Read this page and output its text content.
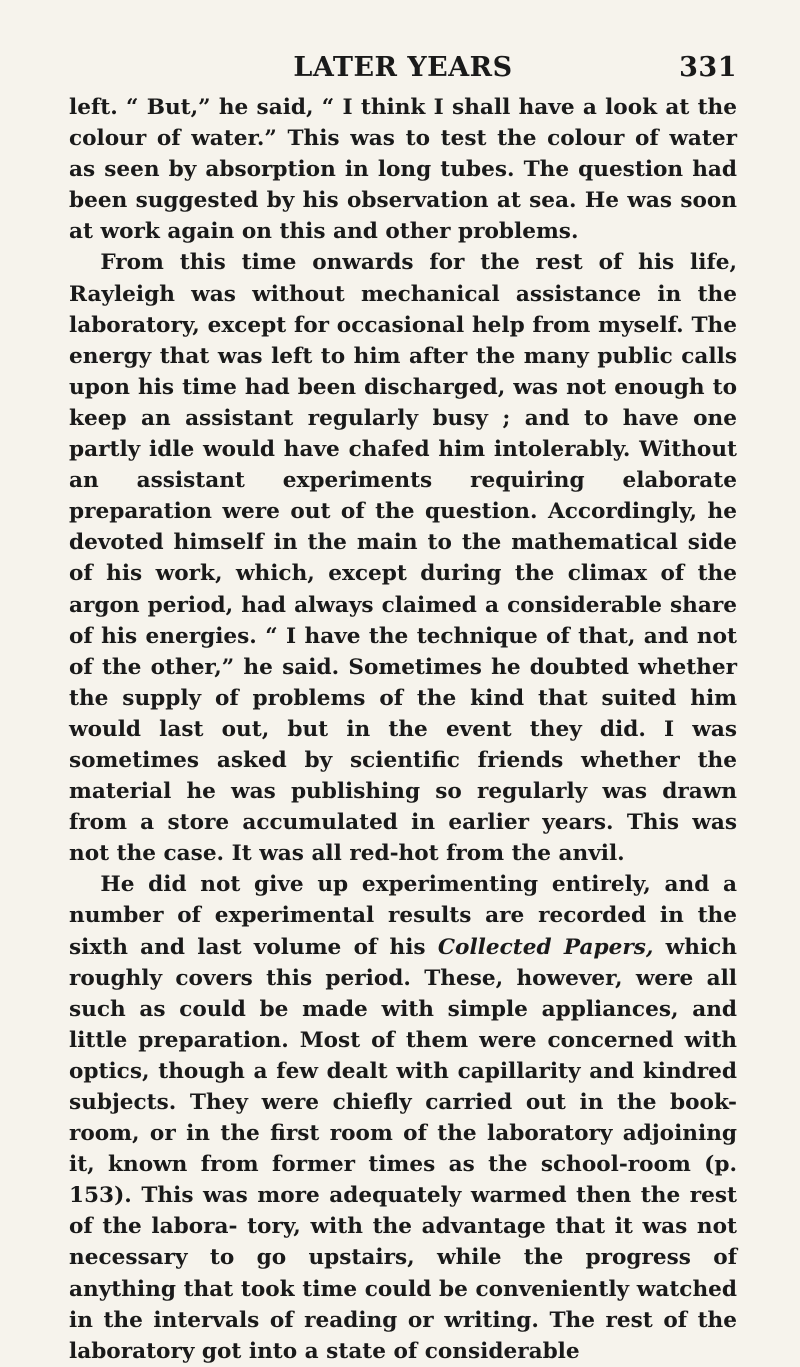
LATER YEARS	331

left. “ But,” he said, “ I think I shall have a look at the colour of water.” This was to test the colour of water as seen by absorption in long tubes. The question had been suggested by his observation at sea. He was soon at work again on this and other problems.

From this time onwards for the rest of his life, Rayleigh was without mechanical assistance in the laboratory, except for occasional help from myself. The energy that was left to him after the many public calls upon his time had been discharged, was not enough to keep an assistant regularly busy ; and to have one partly idle would have chafed him intolerably. Without an assistant experiments requiring elaborate preparation were out of the question. Accordingly, he devoted himself in the main to the mathematical side of his work, which, except during the climax of the argon period, had always claimed a considerable share of his energies. “ I have the technique of that, and not of the other,” he said. Sometimes he doubted whether the supply of problems of the kind that suited him would last out, but in the event they did. I was sometimes asked by scientific friends whether the material he was publishing so regularly was drawn from a store accumulated in earlier years. This was not the case. It was all red-hot from the anvil.

He did not give up experimenting entirely, and a number of experimental results are recorded in the sixth and last volume of his Collected Papers, which roughly covers this period. These, however, were all such as could be made with simple appliances, and little preparation. Most of them were concerned with optics, though a few dealt with capillarity and kindred subjects. They were chiefly carried out in the book-room, or in the first room of the laboratory adjoining it, known from former times as the school-room (p. 153). This was more adequately warmed then the rest of the labora- tory, with the advantage that it was not necessary to go upstairs, while the progress of anything that took time could be conveniently watched in the intervals of reading or writing. The rest of the laboratory got into a state of considerable
